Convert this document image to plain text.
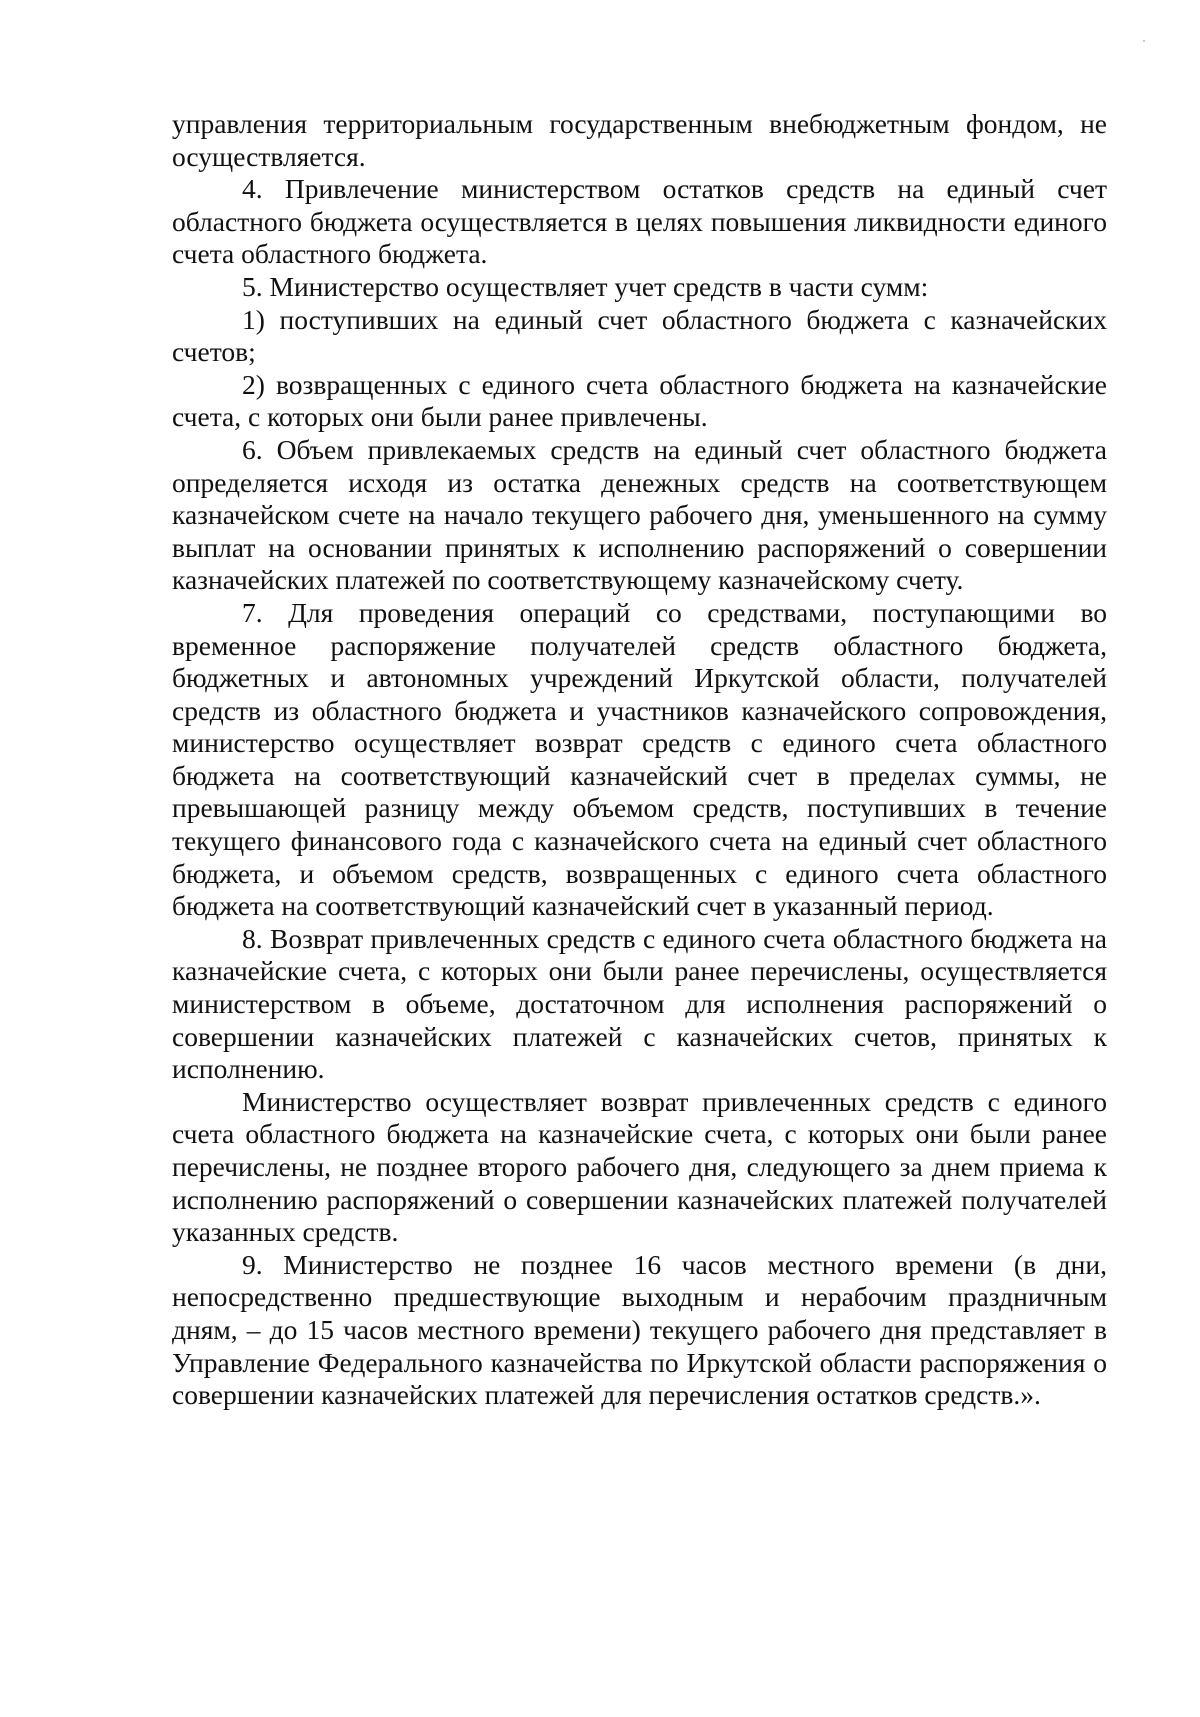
управления территориальным государственным внебюджетным фондом, не осуществляется.

4. Привлечение министерством остатков средств на единый счет областного бюджета осуществляется в целях повышения ликвидности единого счета областного бюджета.

5. Министерство осуществляет учет средств в части сумм:

1) поступивших на единый счет областного бюджета с казначейских счетов;

2) возвращенных с единого счета областного бюджета на казначейские счета, с которых они были ранее привлечены.

6. Объем привлекаемых средств на единый счет областного бюджета определяется исходя из остатка денежных средств на соответствующем казначейском счете на начало текущего рабочего дня, уменьшенного на сумму выплат на основании принятых к исполнению распоряжений о совершении казначейских платежей по соответствующему казначейскому счету.

7. Для проведения операций со средствами, поступающими во временное распоряжение получателей средств областного бюджета, бюджетных и автономных учреждений Иркутской области, получателей средств из областного бюджета и участников казначейского сопровождения, министерство осуществляет возврат средств с единого счета областного бюджета на соответствующий казначейский счет в пределах суммы, не превышающей разницу между объемом средств, поступивших в течение текущего финансового года с казначейского счета на единый счет областного бюджета, и объемом средств, возвращенных с единого счета областного бюджета на соответствующий казначейский счет в указанный период.

8. Возврат привлеченных средств с единого счета областного бюджета на казначейские счета, с которых они были ранее перечислены, осуществляется министерством в объеме, достаточном для исполнения распоряжений о совершении казначейских платежей с казначейских счетов, принятых к исполнению.

Министерство осуществляет возврат привлеченных средств с единого счета областного бюджета на казначейские счета, с которых они были ранее перечислены, не позднее второго рабочего дня, следующего за днем приема к исполнению распоряжений о совершении казначейских платежей получателей указанных средств.

9. Министерство не позднее 16 часов местного времени (в дни, непосредственно предшествующие выходным и нерабочим праздничным дням, – до 15 часов местного времени) текущего рабочего дня представляет в Управление Федерального казначейства по Иркутской области распоряжения о совершении казначейских платежей для перечисления остатков средств.».
